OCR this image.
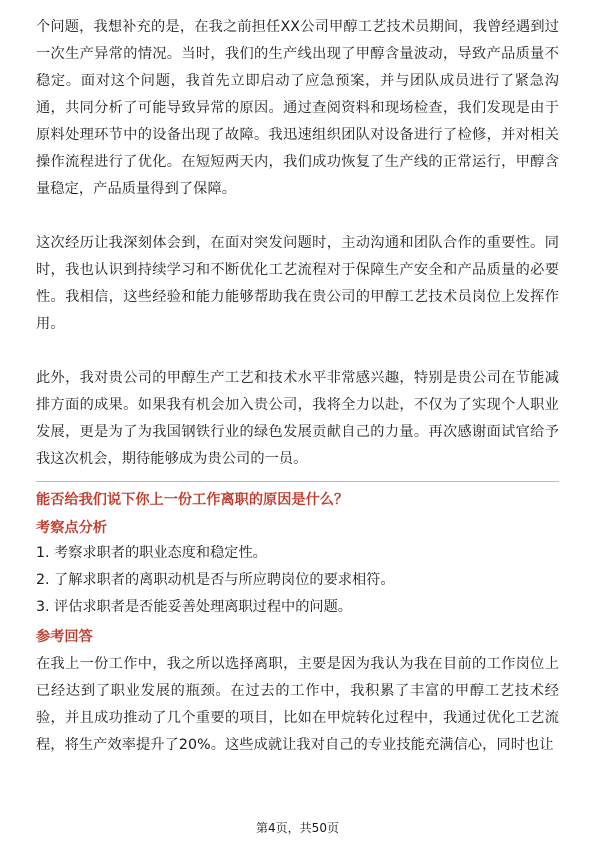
个问题，我想补充的是，在我之前担任XX公司甲醇工艺技术员期间，我曾经遇到过一次生产异常的情况。当时，我们的生产线出现了甲醇含量波动，导致产品质量不稳定。面对这个问题，我首先立即启动了应急预案，并与团队成员进行了紧急沟通，共同分析了可能导致异常的原因。通过查阅资料和现场检查，我们发现是由于原料处理环节中的设备出现了故障。我迅速组织团队对设备进行了检修，并对相关操作流程进行了优化。在短短两天内，我们成功恢复了生产线的正常运行，甲醇含量稳定，产品质量得到了保障。

这次经历让我深刻体会到，在面对突发问题时，主动沟通和团队合作的重要性。同时，我也认识到持续学习和不断优化工艺流程对于保障生产安全和产品质量的必要性。我相信，这些经验和能力能够帮助我在贵公司的甲醇工艺技术员岗位上发挥作用。

此外，我对贵公司的甲醇生产工艺和技术水平非常感兴趣，特别是贵公司在节能减排方面的成果。如果我有机会加入贵公司，我将全力以赴，不仅为了实现个人职业发展，更是为了为我国钢铁行业的绿色发展贡献自己的力量。再次感谢面试官给予我这次机会，期待能够成为贵公司的一员。

能否给我们说下你上一份工作离职的原因是什么？

考察点分析

1. 考察求职者的职业态度和稳定性。

2. 了解求职者的离职动机是否与所应聘岗位的要求相符。

3. 评估求职者是否能妥善处理离职过程中的问题。

参考回答

在我上一份工作中，我之所以选择离职，主要是因为我认为我在目前的工作岗位上已经达到了职业发展的瓶颈。在过去的工作中，我积累了丰富的甲醇工艺技术经验，并且成功推动了几个重要的项目，比如在甲烷转化过程中，我通过优化工艺流程，将生产效率提升了20%。这些成就让我对自己的专业技能充满信心，同时也让

第4页，共50页
